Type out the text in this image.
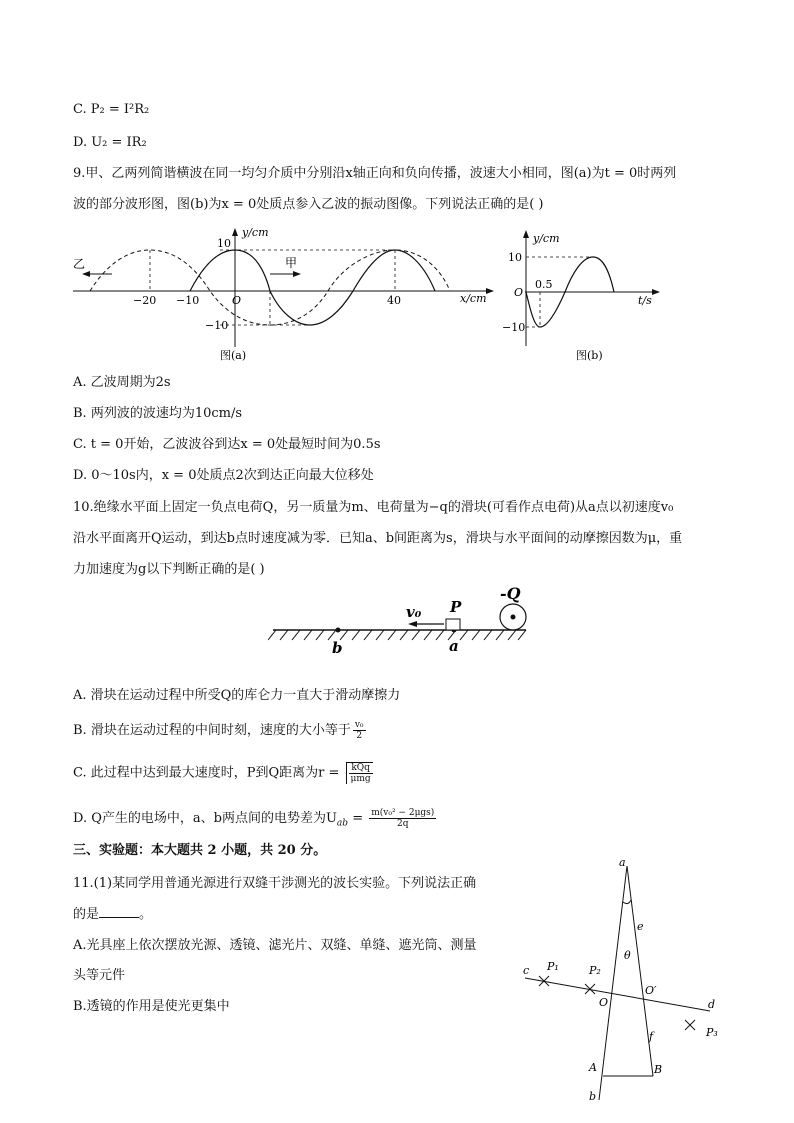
C. P₂ = I²R₂
D. U₂ = IR₂
9.甲、乙两列简谐横波在同一均匀介质中分别沿x轴正向和负向传播，波速大小相同，图(a)为t = 0时两列
波的部分波形图，图(b)为x = 0处质点参入乙波的振动图像。下列说法正确的是( )
y/cm
x/cm
乙	甲
10
−10
−20 −10	O	40
图(a)
y/cm
t/s
10
O
0.5
−10
图(b)
A. 乙波周期为2s
B. 两列波的波速均为10cm/s
C. t = 0开始，乙波波谷到达x = 0处最短时间为0.5s
D. 0～10s内，x = 0处质点2次到达正向最大位移处
10.绝缘水平面上固定一负点电荷Q，另一质量为m、电荷量为−q的滑块(可看作点电荷)从a点以初速度v₀
沿水平面离开Q运动，到达b点时速度减为零．已知a、b间距离为s，滑块与水平面间的动摩擦因数为μ，重
力加速度为g以下判断正确的是( )
-Q
P
v₀
a
b
A. 滑块在运动过程中所受Q的库仑力一直大于滑动摩擦力
B. 滑块在运动过程的中间时刻，速度的大小等于 $\frac{\text{v₀}}{2}$
C. 此过程中达到最大速度时，P到Q距离为$r = \frac{\text{kQq}}{\text{μmg}}$
D. Q产生的电场中，a、b两点间的电势差为$U_{ab} = \frac{\text{m(v₀² − 2μgs)}}{2q}$
三、实验题：本大题共 2 小题，共 20 分。
11.(1)某同学用普通光源进行双缝干涉测光的波长实验。下列说法正确
的是	。
A.光具座上依次摆放光源、透镜、滤光片、双缝、单缝、遮光筒、测量
头等元件
B.透镜的作用是使光更集中
a
e
θ
c P₁	P₂
O′
d
O
f	P₃
A	B
b
